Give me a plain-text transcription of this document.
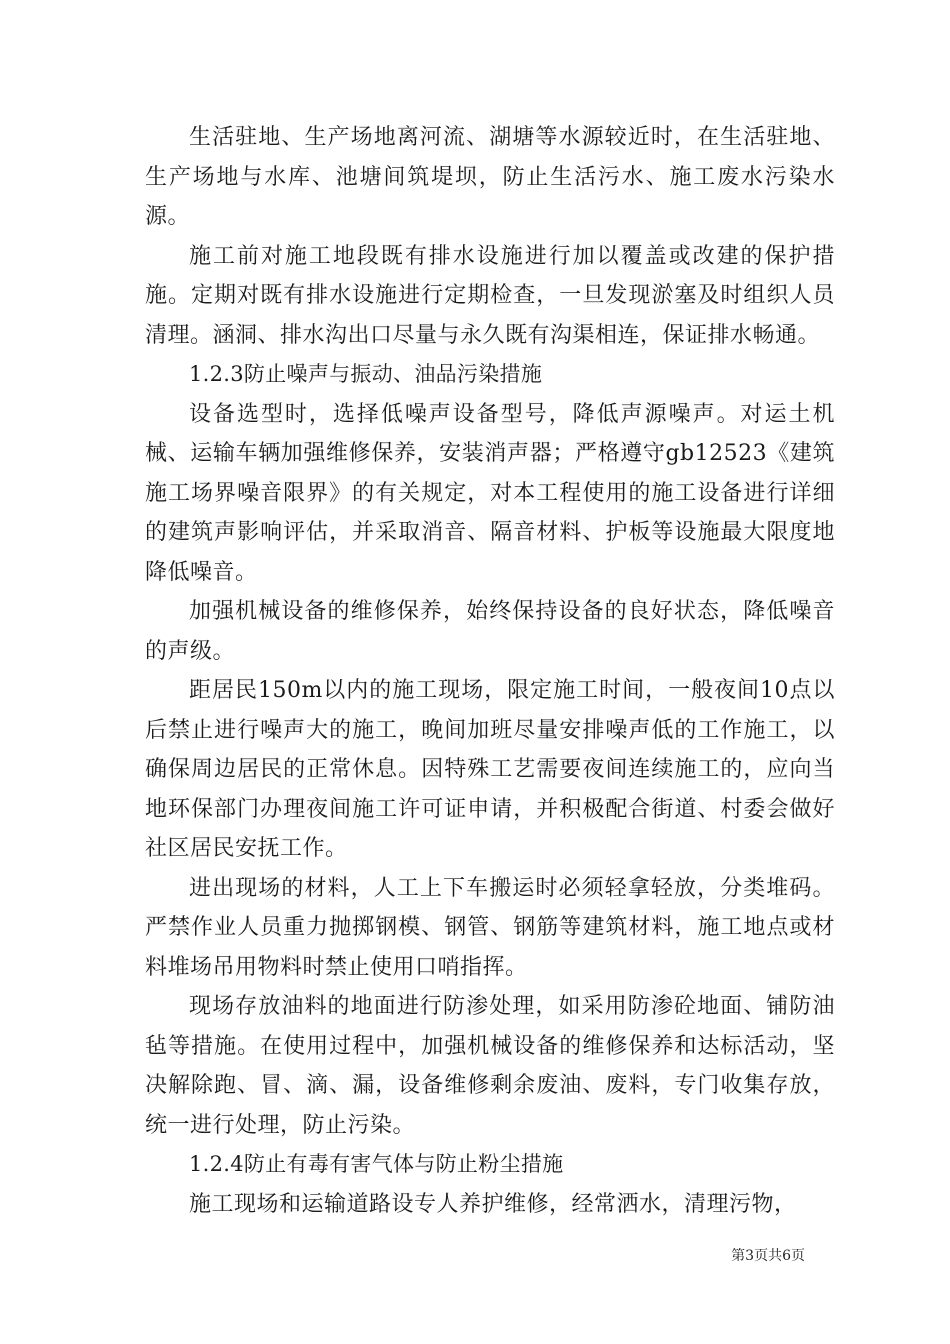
生活驻地、生产场地离河流、湖塘等水源较近时，在生活驻地、生产场地与水库、池塘间筑堤坝，防止生活污水、施工废水污染水源。

施工前对施工地段既有排水设施进行加以覆盖或改建的保护措施。定期对既有排水设施进行定期检查，一旦发现淤塞及时组织人员清理。涵洞、排水沟出口尽量与永久既有沟渠相连，保证排水畅通。

1.2.3防止噪声与振动、油品污染措施

设备选型时，选择低噪声设备型号，降低声源噪声。对运土机械、运输车辆加强维修保养，安装消声器；严格遵守gb12523《建筑施工场界噪音限界》的有关规定，对本工程使用的施工设备进行详细的建筑声影响评估，并采取消音、隔音材料、护板等设施最大限度地降低噪音。

加强机械设备的维修保养，始终保持设备的良好状态，降低噪音的声级。

距居民150m以内的施工现场，限定施工时间，一般夜间10点以后禁止进行噪声大的施工，晚间加班尽量安排噪声低的工作施工，以确保周边居民的正常休息。因特殊工艺需要夜间连续施工的，应向当地环保部门办理夜间施工许可证申请，并积极配合街道、村委会做好社区居民安抚工作。

进出现场的材料，人工上下车搬运时必须轻拿轻放，分类堆码。严禁作业人员重力抛掷钢模、钢管、钢筋等建筑材料，施工地点或材料堆场吊用物料时禁止使用口哨指挥。

现场存放油料的地面进行防渗处理，如采用防渗砼地面、铺防油毡等措施。在使用过程中，加强机械设备的维修保养和达标活动，坚决解除跑、冒、滴、漏，设备维修剩余废油、废料，专门收集存放，统一进行处理，防止污染。

1.2.4防止有毒有害气体与防止粉尘措施

施工现场和运输道路设专人养护维修，经常洒水，清理污物，

第3页共6页
